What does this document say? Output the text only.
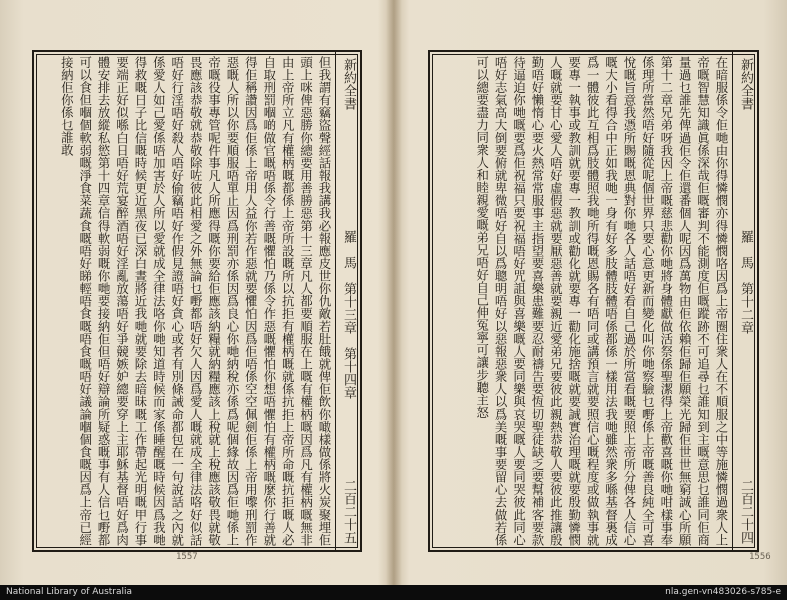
但我謂有竊盜聲經話報我講我必報應皮世你仇敵若肚餓就俾佢飲你噉樣做係將火炭聚埋佢頭上咪俾惡勝你總要用善勝惡第十三章凡人都要順服在上嘅有權柄嘅因爲凡有權柄嘅無非由上帝所立凡有權柄嘅都係上帝所設嘅所以抗拒有權柄嘅就係抗拒上帝所命嘅抗拒嘅人必自取刑罰嗰啲做官嘅唔係令行善嘅懼怕乃係令作惡嘅懼怕你想唔懼怕有權柄嘅麼你行善就得佢稱讚因爲佢係上帝用人益你若作惡就要懼怕因爲佢唔係空空佩劍佢係上帝用嚟刑罰作惡嘅人所以你要順服唔單止因爲刑罰亦係因爲良心你哋納稅亦係爲呢個緣故因爲佢哋係上帝嘅役事專管呢件事凡人所應得嘅你要給佢應該納糧就納糧應該上稅就上稅應該敬畏就敬畏應該恭敬就恭敬除咗彼此相愛之外無論乜嘢都唔好欠人因爲愛人嘅就成全律法咯好似話唔好行淫唔好殺人唔好偷竊唔好作假見證唔好貪心或者有別條誡命都包在一句說話之內就係愛人如己愛係唔加害於人所以愛就成全律法咯你哋知道時候而家係睡醒嘅時候因爲我哋得救嘅日子比信嘅時候更近黑夜已深白晝將近我哋就要除去暗昧嘅工作帶起光明嘅甲行事要端正好似喺白日唔好荒宴醉酒唔好淫亂放蕩唔好爭競嫉妒總要穿上主耶穌基督唔好爲肉體安排去放縱私慾第十四章信得軟弱嘅你哋要接納佢但唔好辯論所疑惑嘅事有人信乜嘢都可以食但嗰個軟弱嘅淨食菜蔬食嘅唔好睇輕唔食嘅唔食嘅唔好議論嗰個食嘅因爲上帝已經接納佢你係乜誰敢	新約全書羅　馬　第十三章　第十四章
二百二十五
1557
在暗服係令佢哋由你得憐憫亦得憐憫咯因爲上帝圈住衆人在不順服之中等施憐憫過衆人上帝嘅智慧知識眞係深哉佢嘅審判不能測度佢嘅蹤跡不可追尋乜誰知到主嘅意思乜誰同佢商量過乜誰先俾過佢令佢還番個人呢因爲萬物由佢依賴佢歸佢願榮光歸佢世世無窮誠心所願第十二章兄弟呀我因上帝嘅慈悲勸你哋將身體獻做活祭係聖潔得上帝歡喜嘅你哋咁樣事奉係理所當然唔好隨從呢個世界只要心意更新而變化叫你哋察驗乜嘢係上帝嘅善良純全可喜悅嘅旨意我憑所賜嘅恩典對你哋各人話唔好看自己過於所當看嘅要照上帝所分俾各人信心嘅大小看得合中正如我哋一身有好多肢體肢體唔係都係一樣用法我哋雖然衆多喺基督裏成爲一體彼此互相爲肢體照我哋所得嘅恩賜各有唔同或講預言就要照信心嘅程度或做執事就要專一執事或教訓就要專一教訓或勸化就要專一勸化施捨嘅就要誠實治理嘅就要殷勤憐憫人嘅就要甘心愛人唔好虛假惡就要厭惡善就要親近愛弟兄要彼此親熱恭敬人要彼此推讓殷勤唔好懶惰心要火熱常常服事主指望要喜樂患難要忍耐禱告要恆切聖徒缺乏要幫補客要款待逼迫你哋嘅要爲佢祝福只要祝福唔好咒詛與喜樂嘅人要同樂與哀哭嘅人要同哭彼此同心唔好志氣高大倒要俯就卑微唔好自以爲聰明唔好以惡報惡衆人以爲美嘅事要留心去做若係可以總要盡力同衆人和睦親愛嘅弟兄唔好自己伸冤寧可讓步聽主怒	新約全書羅　馬　第十二章
二百二十四
1556
National Library of Australia	nla.gen-vn483026-s785-e
